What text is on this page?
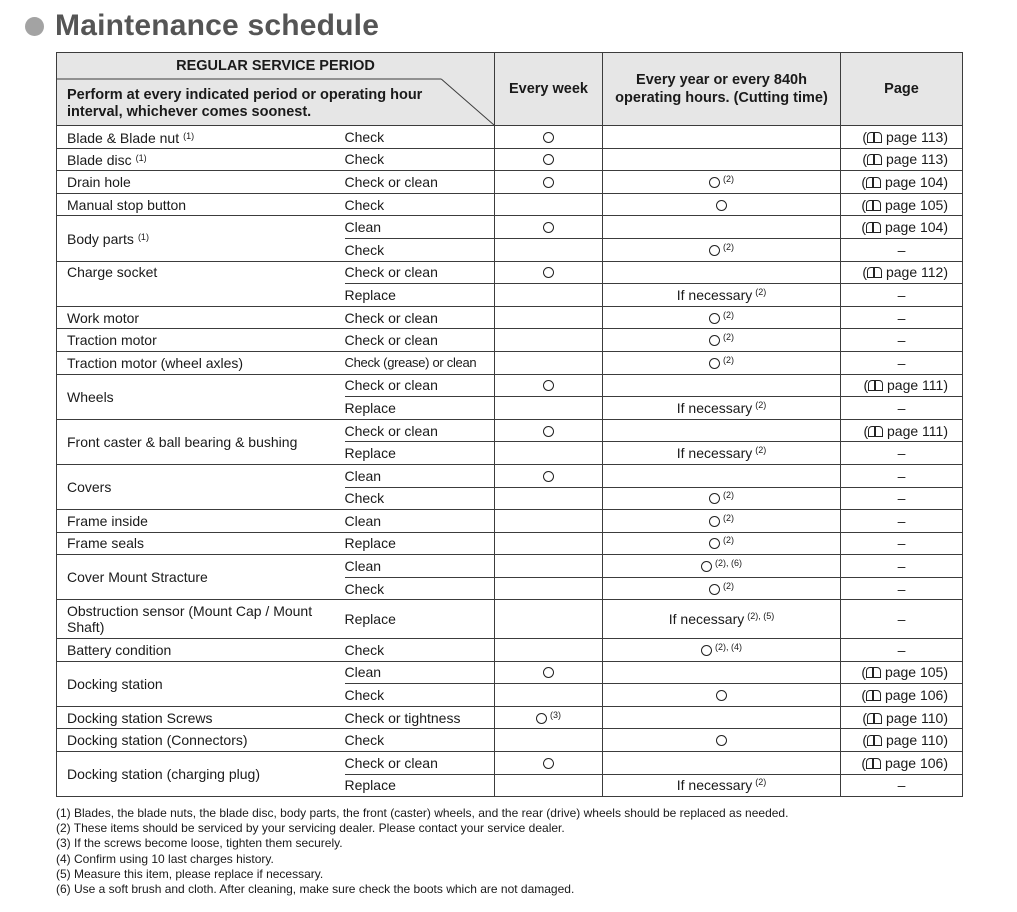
Maintenance schedule
REGULAR SERVICE PERIOD
Perform at every indicated period or operating hour interval, whichever comes soonest.		Every week	Every year or every 840h operating hours. (Cutting time)	Page
Blade & Blade nut $^{(1)}$	Check			( page 113)
Blade disc $^{(1)}$	Check			( page 113)
Drain hole	Check or clean		$^{(2)}$	( page 104)
Manual stop button	Check			( page 105)
Body parts $^{(1)}$	Clean			( page 104)
	Check		$^{(2)}$	–
Charge socket	Check or clean			( page 112)
	Replace		If necessary $^{(2)}$	–
Work motor	Check or clean		$^{(2)}$	–
Traction motor	Check or clean		$^{(2)}$	–
Traction motor (wheel axles)	Check (grease) or clean		$^{(2)}$	–
Wheels	Check or clean			( page 111)
	Replace		If necessary $^{(2)}$	–
Front caster & ball bearing & bushing	Check or clean			( page 111)
	Replace		If necessary $^{(2)}$	–
Covers	Clean			–
	Check		$^{(2)}$	–
Frame inside	Clean		$^{(2)}$	–
Frame seals	Replace		$^{(2)}$	–
Cover Mount Stracture	Clean		$^{(2), (6)}$	–
	Check		$^{(2)}$	–
Obstruction sensor (Mount Cap / Mount Shaft)	Replace		If necessary $^{(2), (5)}$	–
Battery condition	Check		$^{(2), (4)}$	–
Docking station	Clean			( page 105)
	Check			( page 106)
Docking station Screws	Check or tightness	$^{(3)}$		( page 110)
Docking station (Connectors)	Check			( page 110)
Docking station (charging plug)	Check or clean			( page 106)
	Replace		If necessary $^{(2)}$	–
(1) Blades, the blade nuts, the blade disc, body parts, the front (caster) wheels, and the rear (drive) wheels should be replaced as needed.
(2) These items should be serviced by your servicing dealer. Please contact your service dealer.
(3) If the screws become loose, tighten them securely.
(4) Confirm using 10 last charges history.
(5) Measure this item, please replace if necessary.
(6) Use a soft brush and cloth. After cleaning, make sure check the boots which are not damaged.
